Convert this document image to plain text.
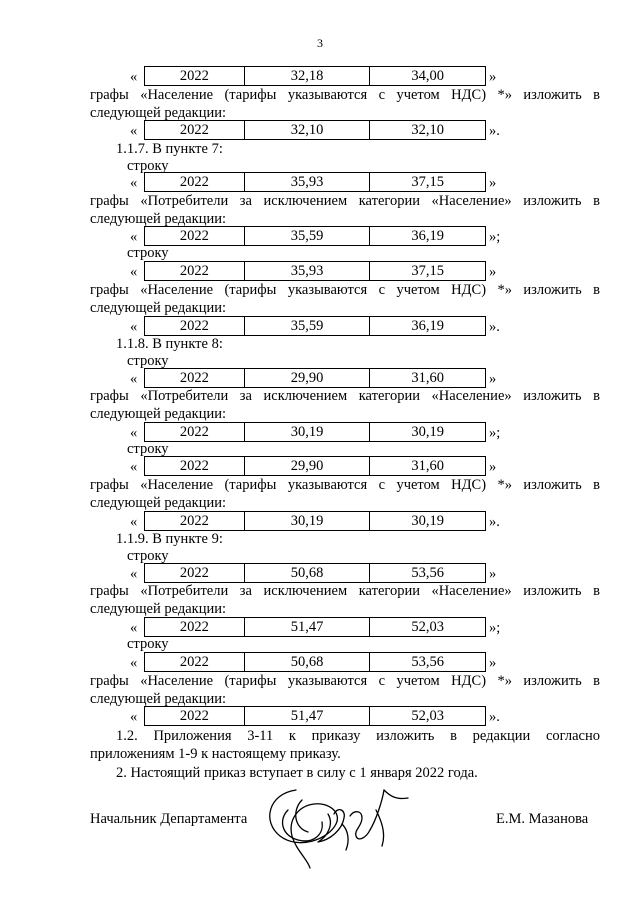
3
«	2022	32,18	34,00	»
графы «Население (тарифы указываются с учетом НДС) *» изложить в
следующей редакции:
«	2022	32,10	32,10	».
1.1.7. В пункте 7:
строку
«	2022	35,93	37,15	»
графы «Потребители за исключением категории «Население» изложить в
следующей редакции:
«	2022	35,59	36,19	»;
строку
«	2022	35,93	37,15	»
графы «Население (тарифы указываются с учетом НДС) *» изложить в
следующей редакции:
«	2022	35,59	36,19	».
1.1.8. В пункте 8:
строку
«	2022	29,90	31,60	»
графы «Потребители за исключением категории «Население» изложить в
следующей редакции:
«	2022	30,19	30,19	»;
строку
«	2022	29,90	31,60	»
графы «Население (тарифы указываются с учетом НДС) *» изложить в
следующей редакции:
«	2022	30,19	30,19	».
1.1.9. В пункте 9:
строку
«	2022	50,68	53,56	»
графы «Потребители за исключением категории «Население» изложить в
следующей редакции:
«	2022	51,47	52,03	»;
строку
«	2022	50,68	53,56	»
графы «Население (тарифы указываются с учетом НДС) *» изложить в
следующей редакции:
«	2022	51,47	52,03	».
1.2. Приложения 3-11 к приказу изложить в редакции согласно
приложениям 1-9 к настоящему приказу.
2. Настоящий приказ вступает в силу с 1 января 2022 года.
Начальник Департамента	Е.М. Мазанова
